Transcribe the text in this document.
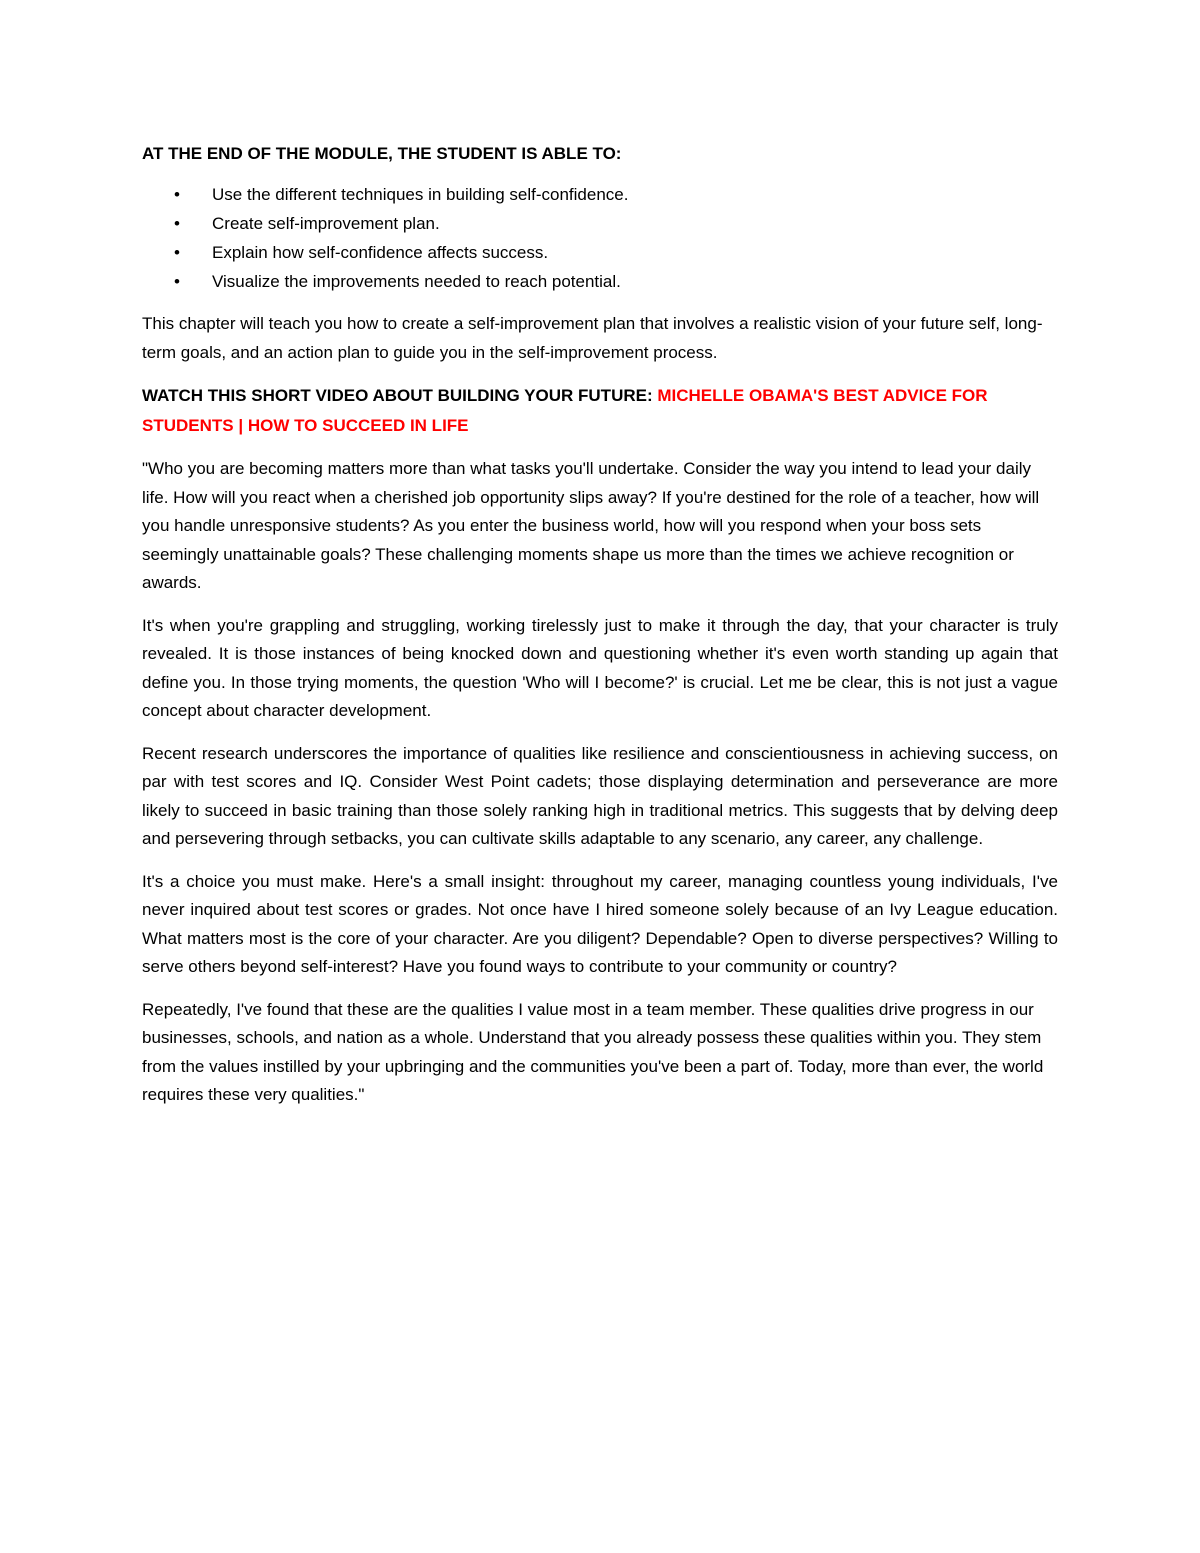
AT THE END OF THE MODULE, THE STUDENT IS ABLE TO:
• Use the different techniques in building self-confidence.
• Create self-improvement plan.
• Explain how self-confidence affects success.
• Visualize the improvements needed to reach potential.

This chapter will teach you how to create a self-improvement plan that involves a realistic vision of your future self, long-term goals, and an action plan to guide you in the self-improvement process.

WATCH THIS SHORT VIDEO ABOUT BUILDING YOUR FUTURE: MICHELLE OBAMA'S BEST ADVICE FOR STUDENTS | HOW TO SUCCEED IN LIFE

"Who you are becoming matters more than what tasks you'll undertake. Consider the way you intend to lead your daily life. How will you react when a cherished job opportunity slips away? If you're destined for the role of a teacher, how will you handle unresponsive students? As you enter the business world, how will you respond when your boss sets seemingly unattainable goals? These challenging moments shape us more than the times we achieve recognition or awards.

It's when you're grappling and struggling, working tirelessly just to make it through the day, that your character is truly revealed. It is those instances of being knocked down and questioning whether it's even worth standing up again that define you. In those trying moments, the question 'Who will I become?' is crucial. Let me be clear, this is not just a vague concept about character development.

Recent research underscores the importance of qualities like resilience and conscientiousness in achieving success, on par with test scores and IQ. Consider West Point cadets; those displaying determination and perseverance are more likely to succeed in basic training than those solely ranking high in traditional metrics. This suggests that by delving deep and persevering through setbacks, you can cultivate skills adaptable to any scenario, any career, any challenge.

It's a choice you must make. Here's a small insight: throughout my career, managing countless young individuals, I've never inquired about test scores or grades. Not once have I hired someone solely because of an Ivy League education. What matters most is the core of your character. Are you diligent? Dependable? Open to diverse perspectives? Willing to serve others beyond self-interest? Have you found ways to contribute to your community or country?

Repeatedly, I've found that these are the qualities I value most in a team member. These qualities drive progress in our businesses, schools, and nation as a whole. Understand that you already possess these qualities within you. They stem from the values instilled by your upbringing and the communities you've been a part of. Today, more than ever, the world requires these very qualities."
